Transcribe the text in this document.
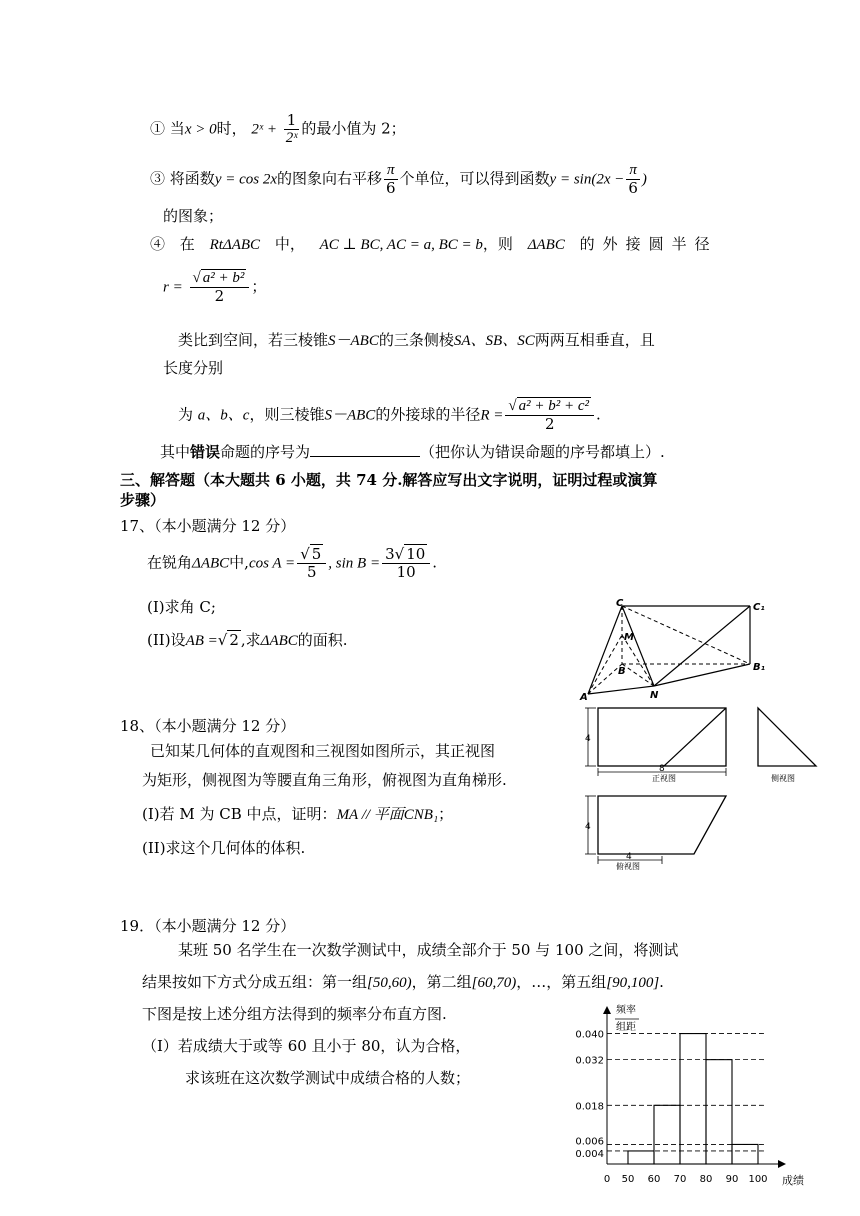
① 当x > 0时， 2ˣ + $\frac{1}{\text{2ˣ}}$ 的最小值为 2；
③ 将函数y = cos 2x的图象向右平移 $\frac{\pi}{6}$ 个单位，可以得到函数$y = \sin(2x - \frac{\pi}{6}$ )
的图象；
④ 在 RtΔABC 中， AC ⊥ BC, AC = a, BC = b，则 ΔABC 的外接圆半径
$r = \frac{\text{√ a² + b²}}{2}$ ；
类比到空间，若三棱锥S－ABC的三条侧棱SA、SB、SC两两互相垂直，且
长度分别
为 a、b、c，则三棱锥S－ABC的外接球的半径$R = \frac{\text{√ a² + b² + c²}}{2}$ .
其中错误命题的序号为	（把你认为错误命题的序号都填上）.
三、解答题（本大题共 6 小题，共 74 分.解答应写出文字说明，证明过程或演算
步骤）
17、（本小题满分 12 分）
在锐角ΔABC中,cos $A = \frac{√ 5}{5}$ , $\sin B = \frac{3√ 10}{10}$ .
(I)求角 C;
(II)设AB =√ 2 ,求ΔABC的面积.
18、（本小题满分 12 分）
已知某几何体的直观图和三视图如图所示，其正视图
为矩形，侧视图为等腰直角三角形，俯视图为直角梯形.
(I)若 M 为 CB 中点，证明：MA // 平面CNB₁；
(II)求这个几何体的体积.
19．（本小题满分 12 分）
某班 50 名学生在一次数学测试中，成绩全部介于 50 与 100 之间，将测试
结果按如下方式分成五组：第一组[50,60)，第二组[60,70)，…，第五组[90,100].
下图是按上述分组方法得到的频率分布直方图.
（Ⅰ）若成绩大于或等 60 且小于 80，认为合格，
求该班在这次数学测试中成绩合格的人数；
C	C₁
M
B	B₁
A	N
4
8
正视图	侧视图
4
4
俯视图
频率
组距
成绩
0.004
0.006
0.018
0.032
0.040
0 50 60 70 80 90 100
